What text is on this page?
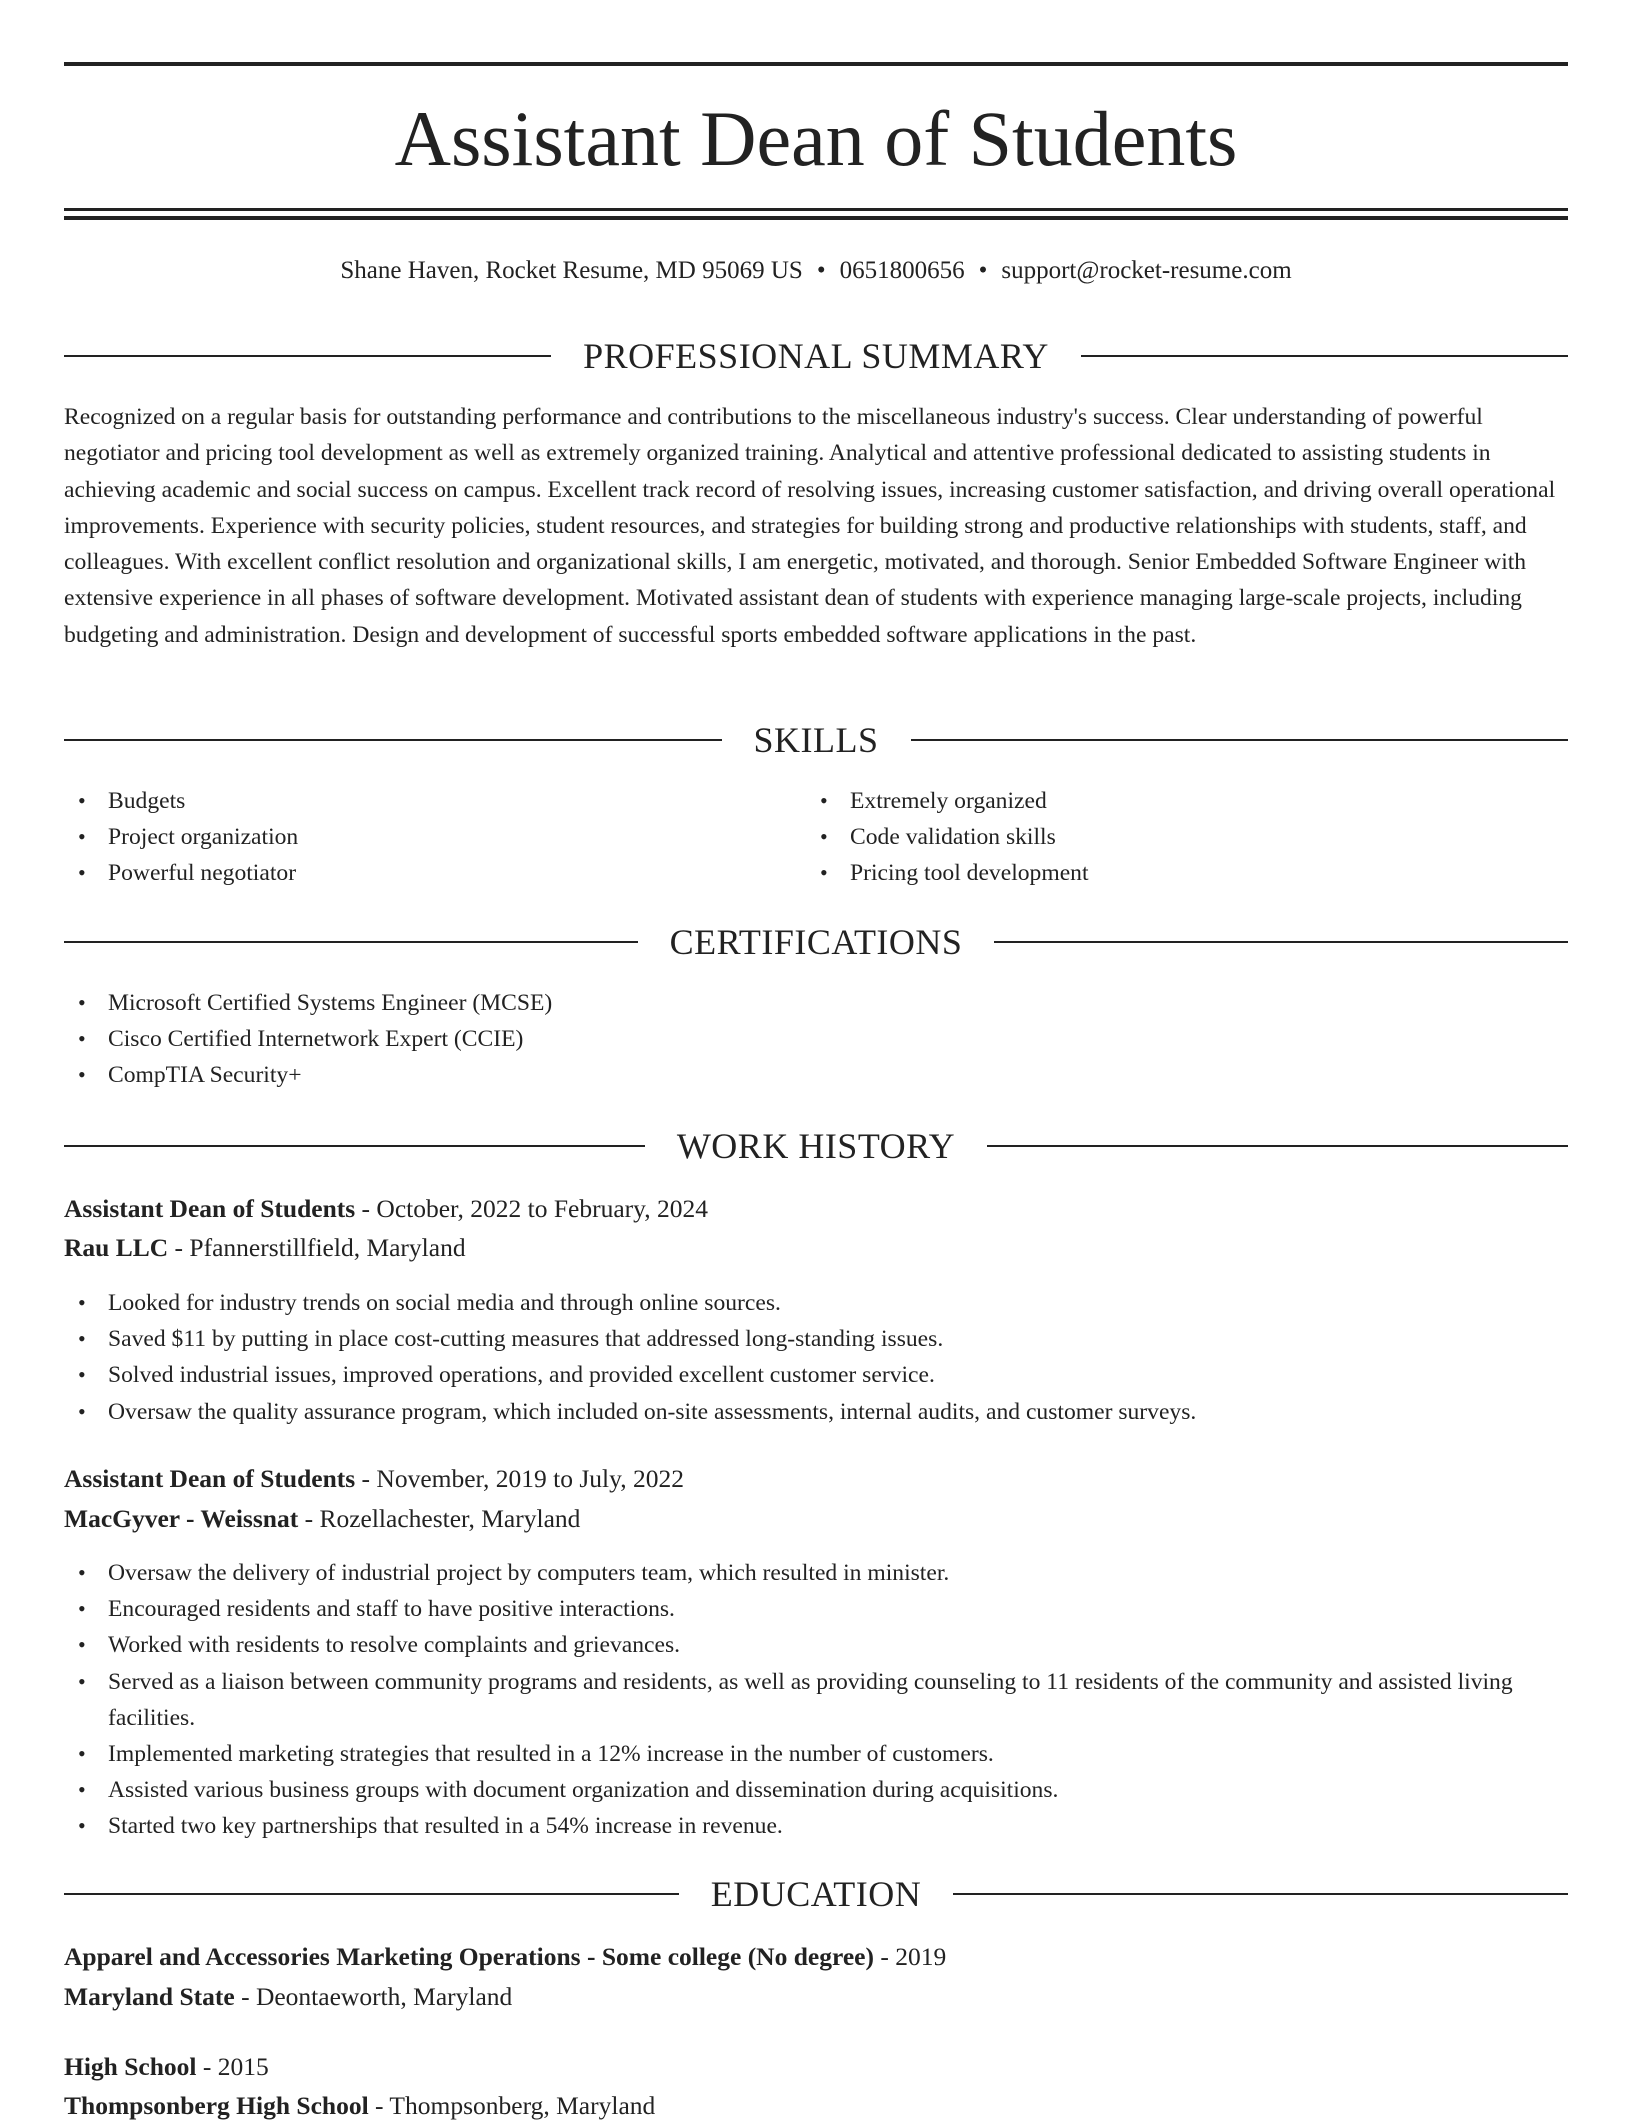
Assistant Dean of Students
Shane Haven, Rocket Resume, MD 95069 US • 0651800656 • support@rocket-resume.com
PROFESSIONAL SUMMARY

Recognized on a regular basis for outstanding performance and contributions to the miscellaneous industry's success. Clear understanding of powerful negotiator and pricing tool development as well as extremely organized training. Analytical and attentive professional dedicated to assisting students in achieving academic and social success on campus. Excellent track record of resolving issues, increasing customer satisfaction, and driving overall operational improvements. Experience with security policies, student resources, and strategies for building strong and productive relationships with students, staff, and colleagues. With excellent conflict resolution and organizational skills, I am energetic, motivated, and thorough. Senior Embedded Software Engineer with extensive experience in all phases of software development. Motivated assistant dean of students with experience managing large-scale projects, including budgeting and administration. Design and development of successful sports embedded software applications in the past.

SKILLS
• Budgets
• Project organization
• Powerful negotiator
• Extremely organized
• Code validation skills
• Pricing tool development
CERTIFICATIONS
• Microsoft Certified Systems Engineer (MCSE)
• Cisco Certified Internetwork Expert (CCIE)
• CompTIA Security+
WORK HISTORY
Assistant Dean of Students - October, 2022 to February, 2024
Rau LLC - Pfannerstillfield, Maryland
• Looked for industry trends on social media and through online sources.
• Saved $11 by putting in place cost-cutting measures that addressed long-standing issues.
• Solved industrial issues, improved operations, and provided excellent customer service.
• Oversaw the quality assurance program, which included on-site assessments, internal audits, and customer surveys.
Assistant Dean of Students - November, 2019 to July, 2022
MacGyver - Weissnat - Rozellachester, Maryland
• Oversaw the delivery of industrial project by computers team, which resulted in minister.
• Encouraged residents and staff to have positive interactions.
• Worked with residents to resolve complaints and grievances.
• Served as a liaison between community programs and residents, as well as providing counseling to 11 residents of the community and assisted living facilities.
• Implemented marketing strategies that resulted in a 12% increase in the number of customers.
• Assisted various business groups with document organization and dissemination during acquisitions.
• Started two key partnerships that resulted in a 54% increase in revenue.
EDUCATION
Apparel and Accessories Marketing Operations - Some college (No degree) - 2019
Maryland State - Deontaeworth, Maryland
High School - 2015
Thompsonberg High School - Thompsonberg, Maryland
